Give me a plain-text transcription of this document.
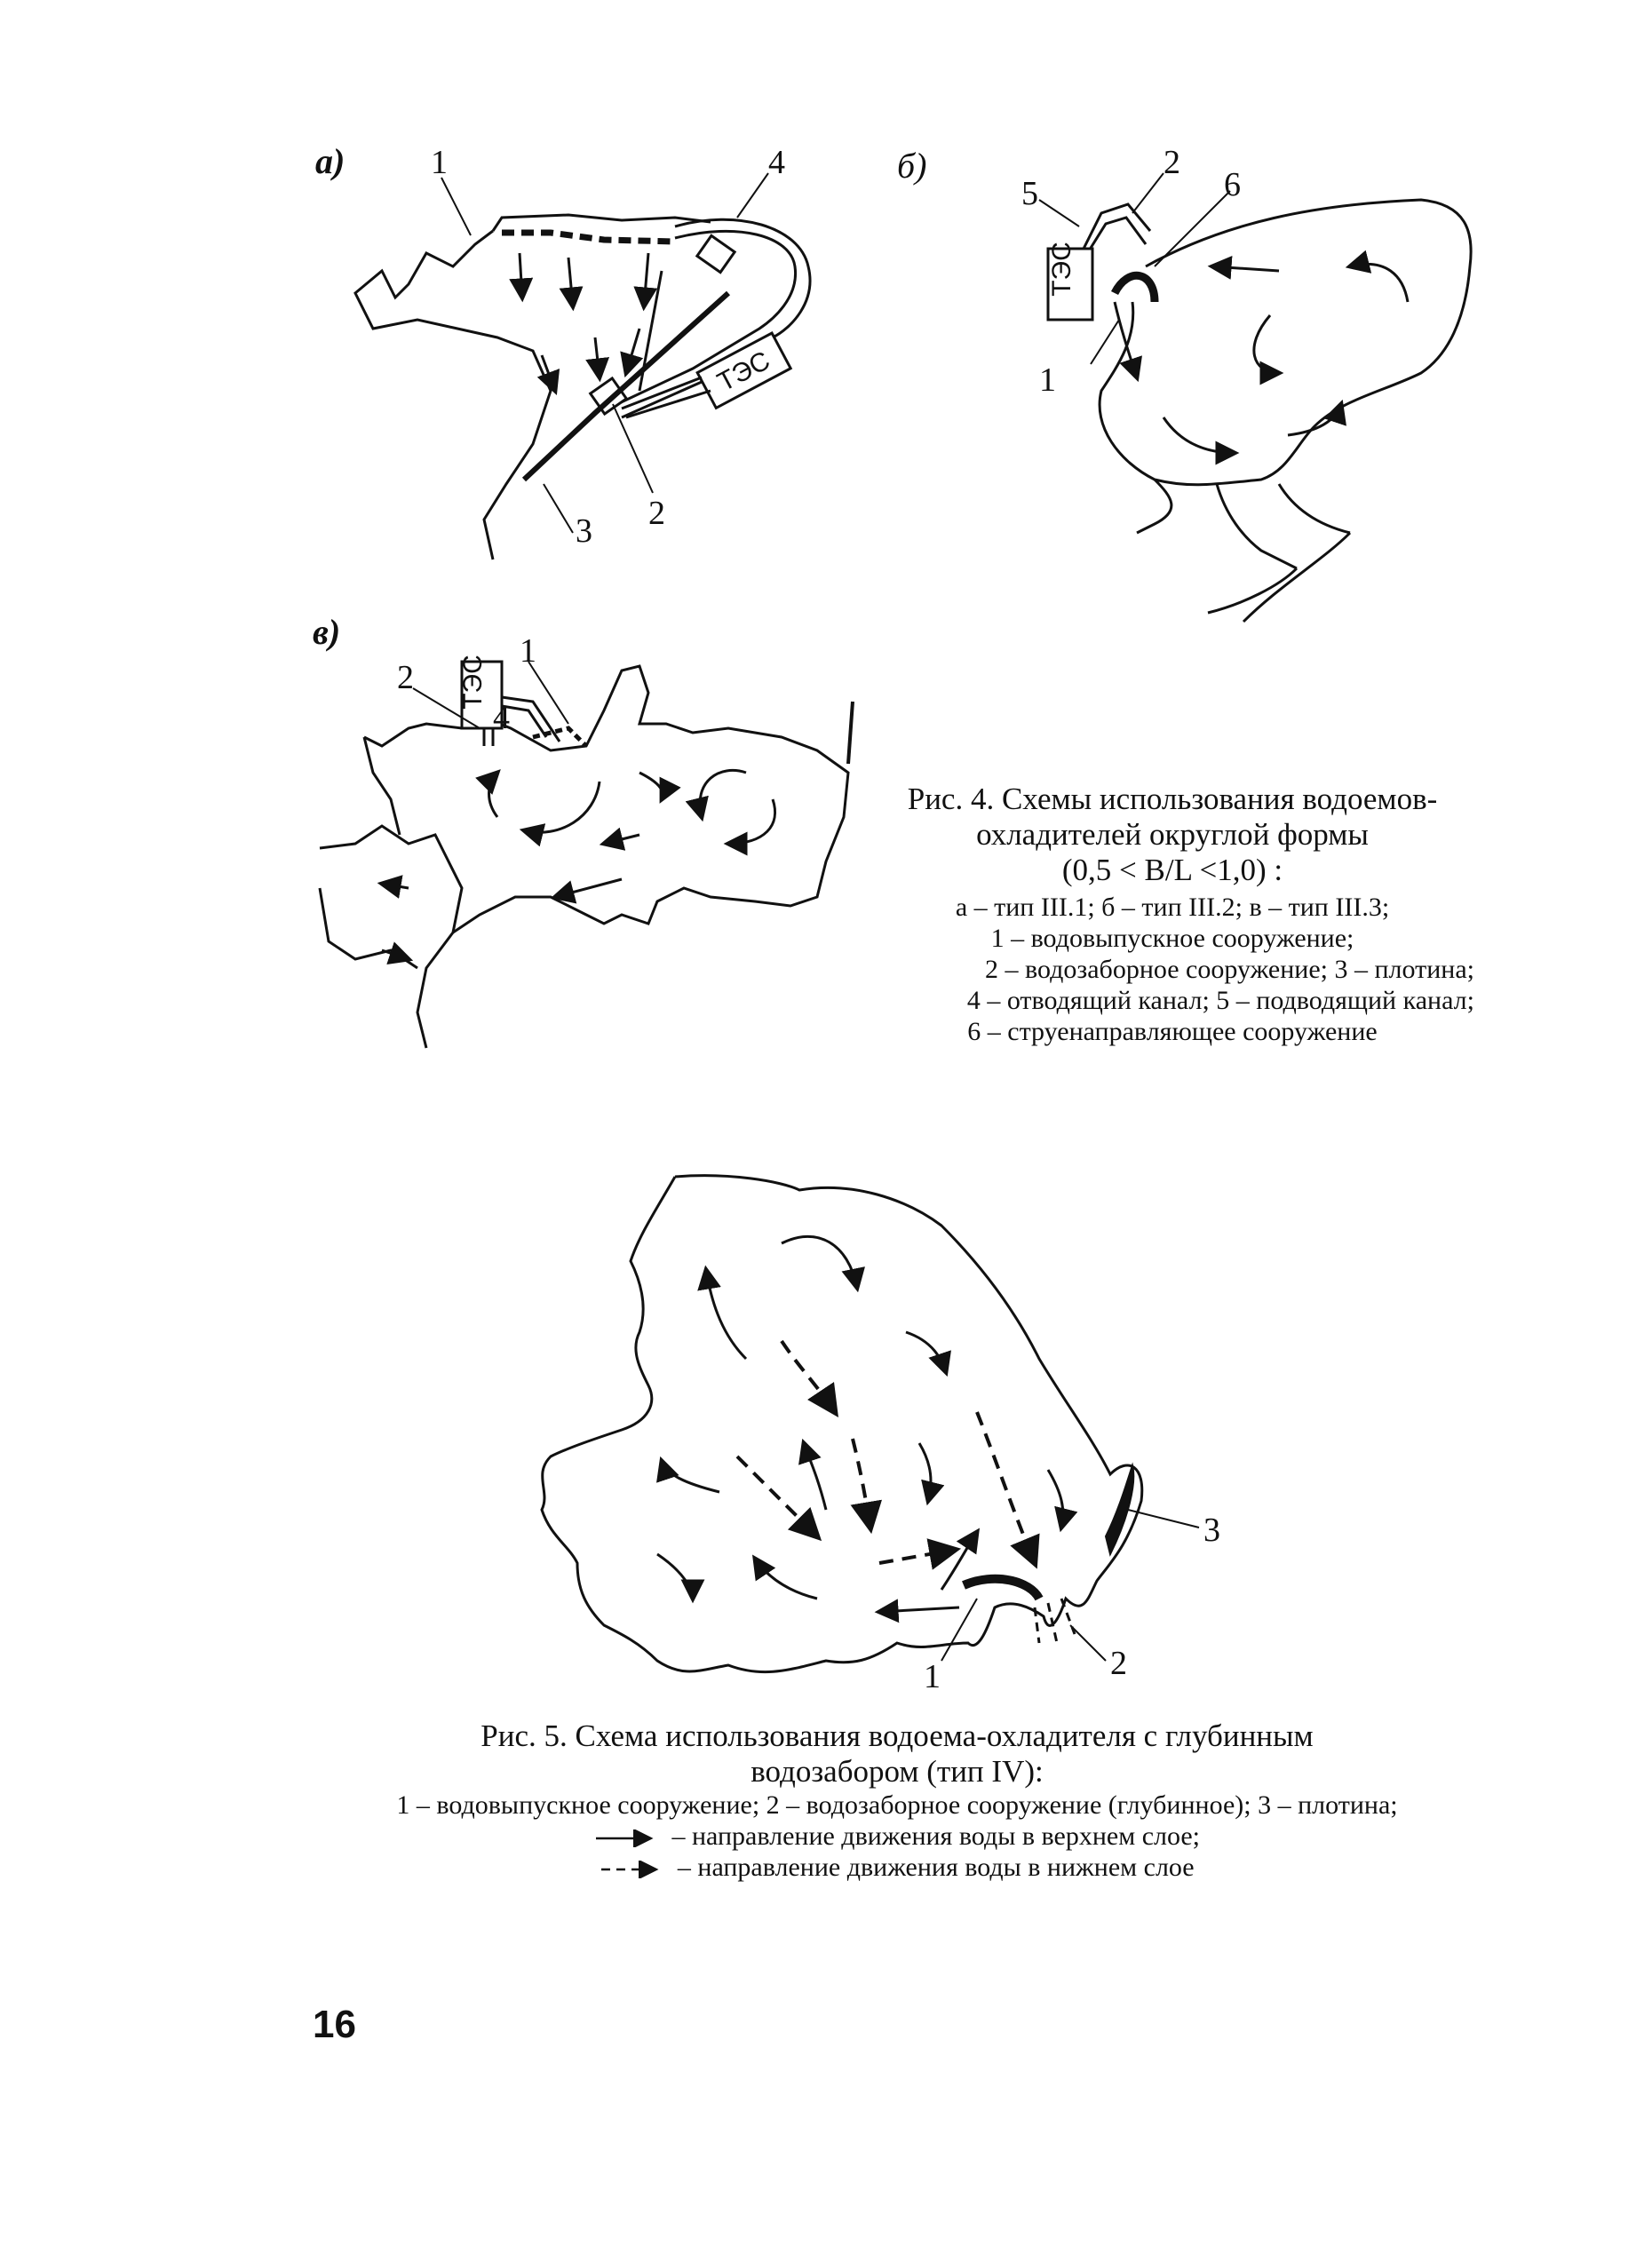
а)
ТЭС
1
2
3
4	б)
ТЭС
5
2
6
1
в)
ТЭС
2
4
1
Рис. 4. Схемы использования водоемов-
охладителей округлой формы
(0,5 < B/L <1,0) :
а – тип III.1; б – тип III.2; в – тип III.3;
1 – водовыпускное сооружение;
2 – водозаборное сооружение; 3 – плотина;
4 – отводящий канал; 5 – подводящий канал;
6 – струенаправляющее сооружение
3
1	2
Рис. 5. Схема использования водоема-охладителя с глубинным
водозабором (тип IV):
1 – водовыпускное сооружение; 2 – водозаборное сооружение (глубинное); 3 – плотина;
– направление движения воды в верхнем слое;
– направление движения воды в нижнем слое
16
